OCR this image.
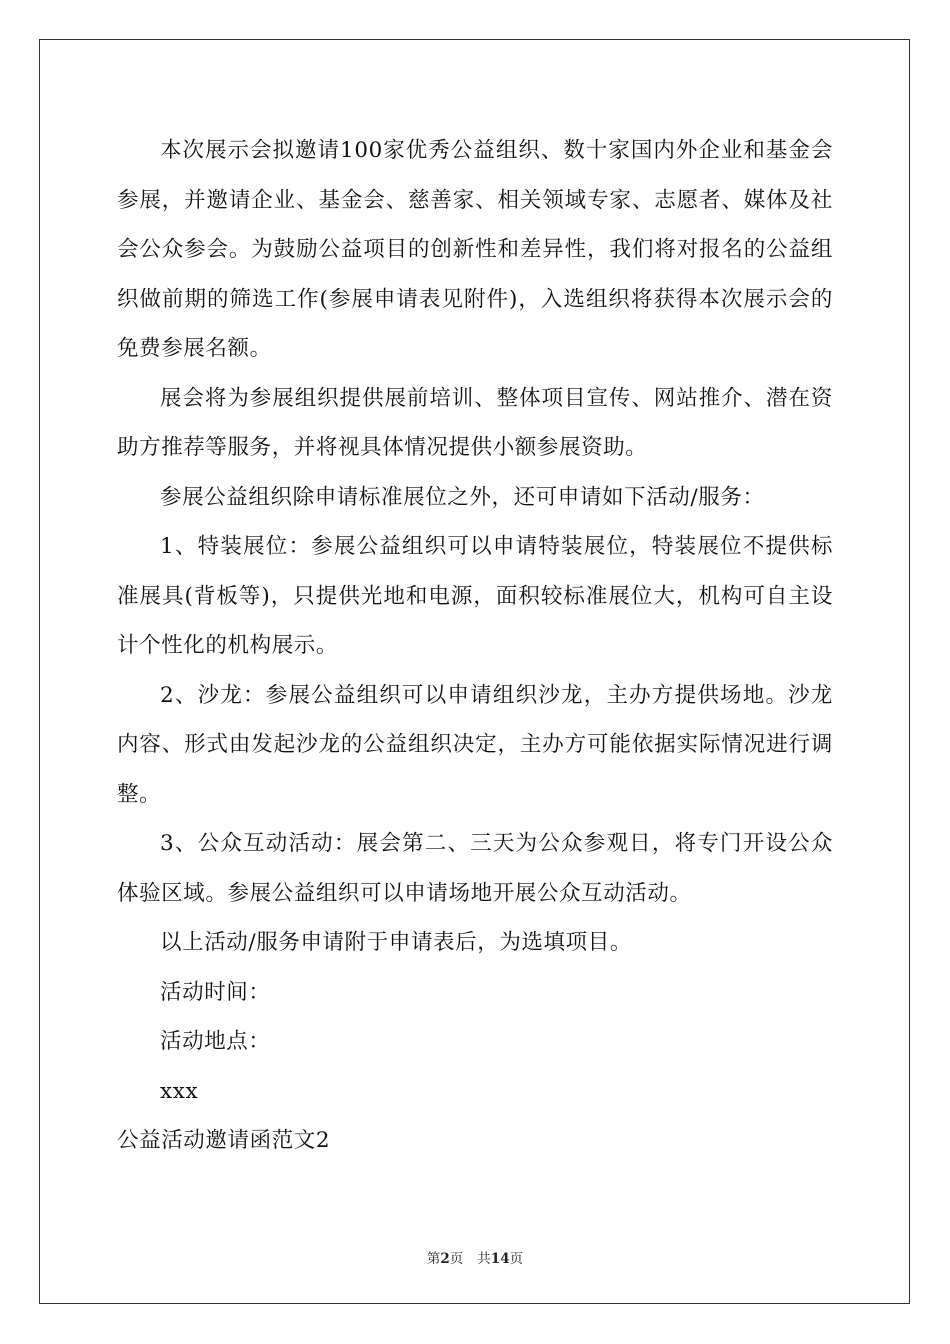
本次展示会拟邀请100家优秀公益组织、数十家国内外企业和基金会参展，并邀请企业、基金会、慈善家、相关领域专家、志愿者、媒体及社会公众参会。为鼓励公益项目的创新性和差异性，我们将对报名的公益组织做前期的筛选工作(参展申请表见附件)，入选组织将获得本次展示会的免费参展名额。

展会将为参展组织提供展前培训、整体项目宣传、网站推介、潜在资助方推荐等服务，并将视具体情况提供小额参展资助。

参展公益组织除申请标准展位之外，还可申请如下活动/服务：

1、特装展位：参展公益组织可以申请特装展位，特装展位不提供标准展具(背板等)，只提供光地和电源，面积较标准展位大，机构可自主设计个性化的机构展示。

2、沙龙：参展公益组织可以申请组织沙龙，主办方提供场地。沙龙内容、形式由发起沙龙的公益组织决定，主办方可能依据实际情况进行调整。

3、公众互动活动：展会第二、三天为公众参观日，将专门开设公众体验区域。参展公益组织可以申请场地开展公众互动活动。

以上活动/服务申请附于申请表后，为选填项目。

活动时间：

活动地点：

xxx

公益活动邀请函范文2

第2页 共14页
